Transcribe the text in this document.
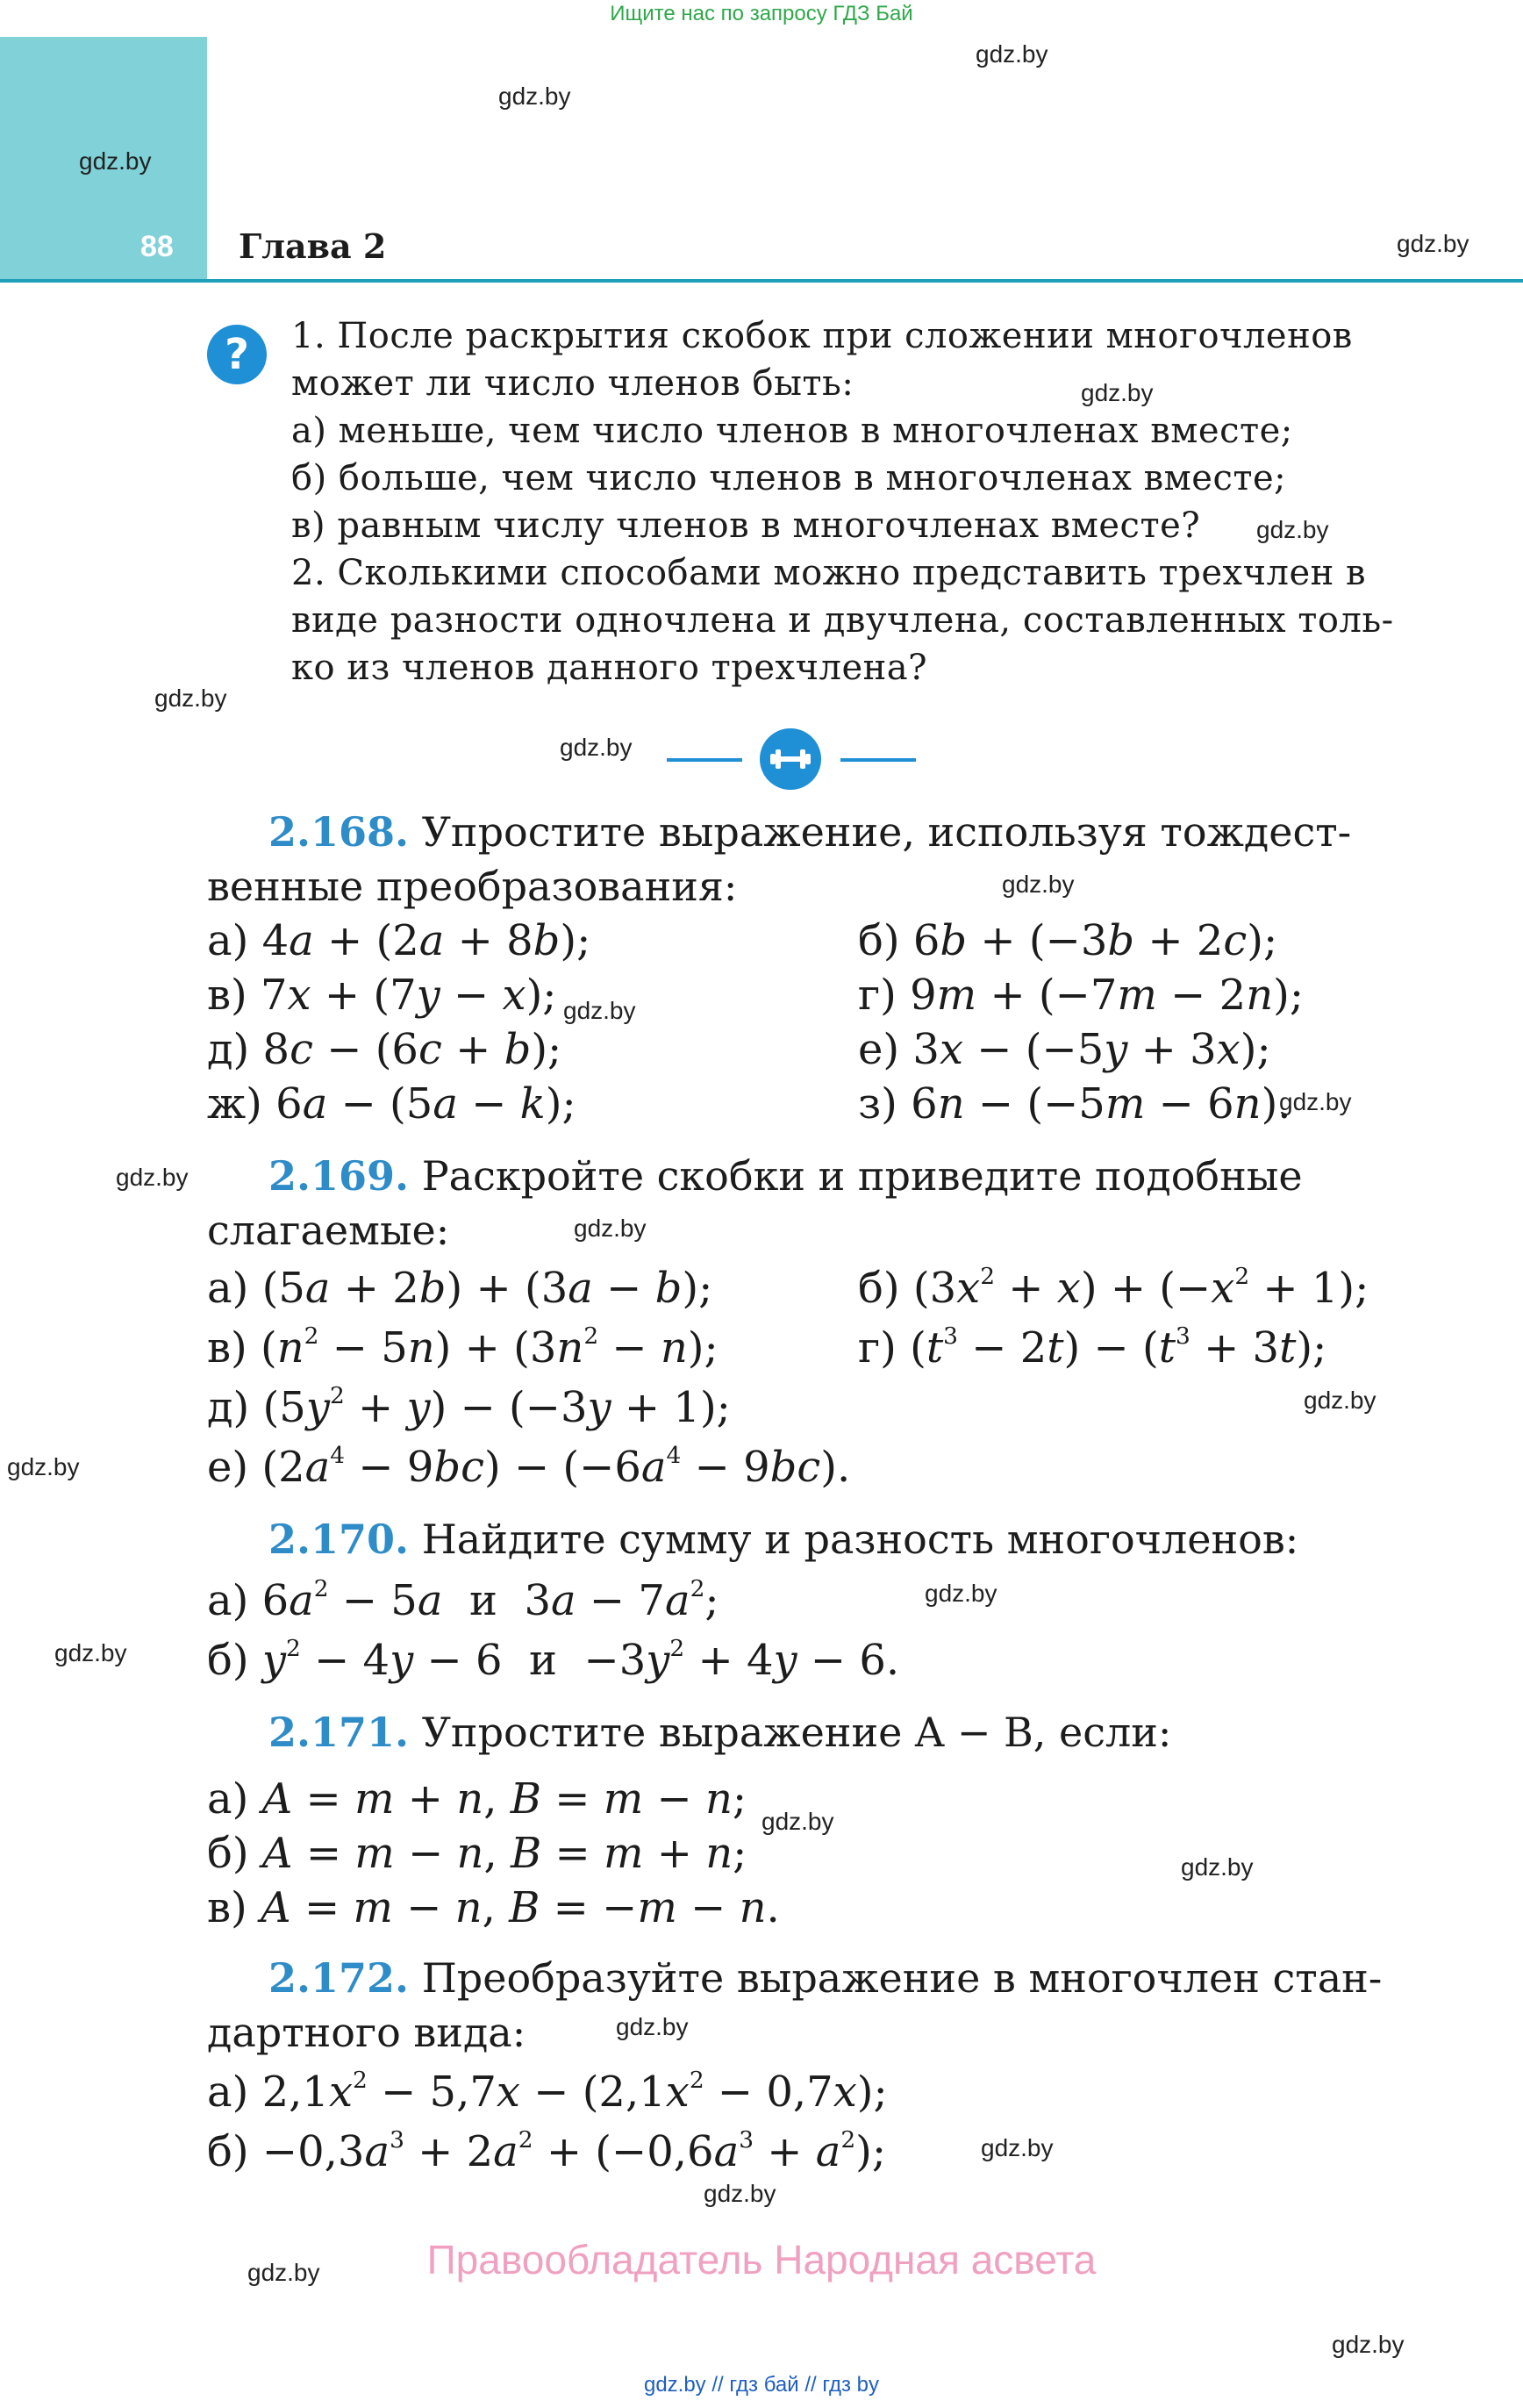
Ищите нас по запросу ГДЗ Бай
88 Глава 2
gdz.by
gdz.by
gdz.by
gdz.by
gdz.by
gdz.by
gdz.by
gdz.by
gdz.by
gdz.by
gdz.by
gdz.by
gdz.by
gdz.by
gdz.by
gdz.by
gdz.by
gdz.by
gdz.by
gdz.by
gdz.by
gdz.by
gdz.by
gdz.by
?	1. После раскрытия скобок при сложении многочленов
может ли число членов быть:
а) меньше, чем число членов в многочленах вместе;
б) больше, чем число членов в многочленах вместе;
в) равным числу членов в многочленах вместе?
2. Сколькими способами можно представить трехчлен в
виде разности одночлена и двучлена, составленных толь-
ко из членов данного трехчлена?
2.168. Упростите выражение, используя тождест-
венные преобразования:
а) 4a + (2a + 8b);	б) 6b + (−3b + 2c);
в) 7x + (7y − x);	г) 9m + (−7m − 2n);
д) 8c − (6c + b);	е) 3x − (−5y + 3x);
ж) 6a − (5a − k);	з) 6n − (−5m − 6n).
2.169. Раскройте скобки и приведите подобные
слагаемые:
а) (5a + 2b) + (3a − b);	б) $(3x^2 + x) + (-x^2 + 1)$;
в) $(n^2 - 5n) + (3n^2 - n)$;	г) $(t^3 - 2t) - (t^3 + 3t)$;
д) $(5y^2 + y) - (-3y + 1)$;
е) $(2a^4 - 9bc) - (-6a^4 - 9bc)$.
2.170. Найдите сумму и разность многочленов:
а) $6a^2 - 5a$  и  $3a - 7a^2$;
б) $y^2 - 4y - 6$  $и -3y^2 + 4y - 6$.
2.171. Упростите выражение A − B, если:
а) A = m + n, B = m − n;
б) A = m − n, B = m + n;
в) A = m − n, B = −m − n.
2.172. Преобразуйте выражение в многочлен стан-
дартного вида:
а) $2,1x^2 - 5,7x - (2,1x^2 - 0,7x)$;
$б) -0,3a^3 + 2a^2 + (-0,6a^3 + a^2)$;
Правообладатель Народная асвета
gdz.by // гдз бай // гдз by
